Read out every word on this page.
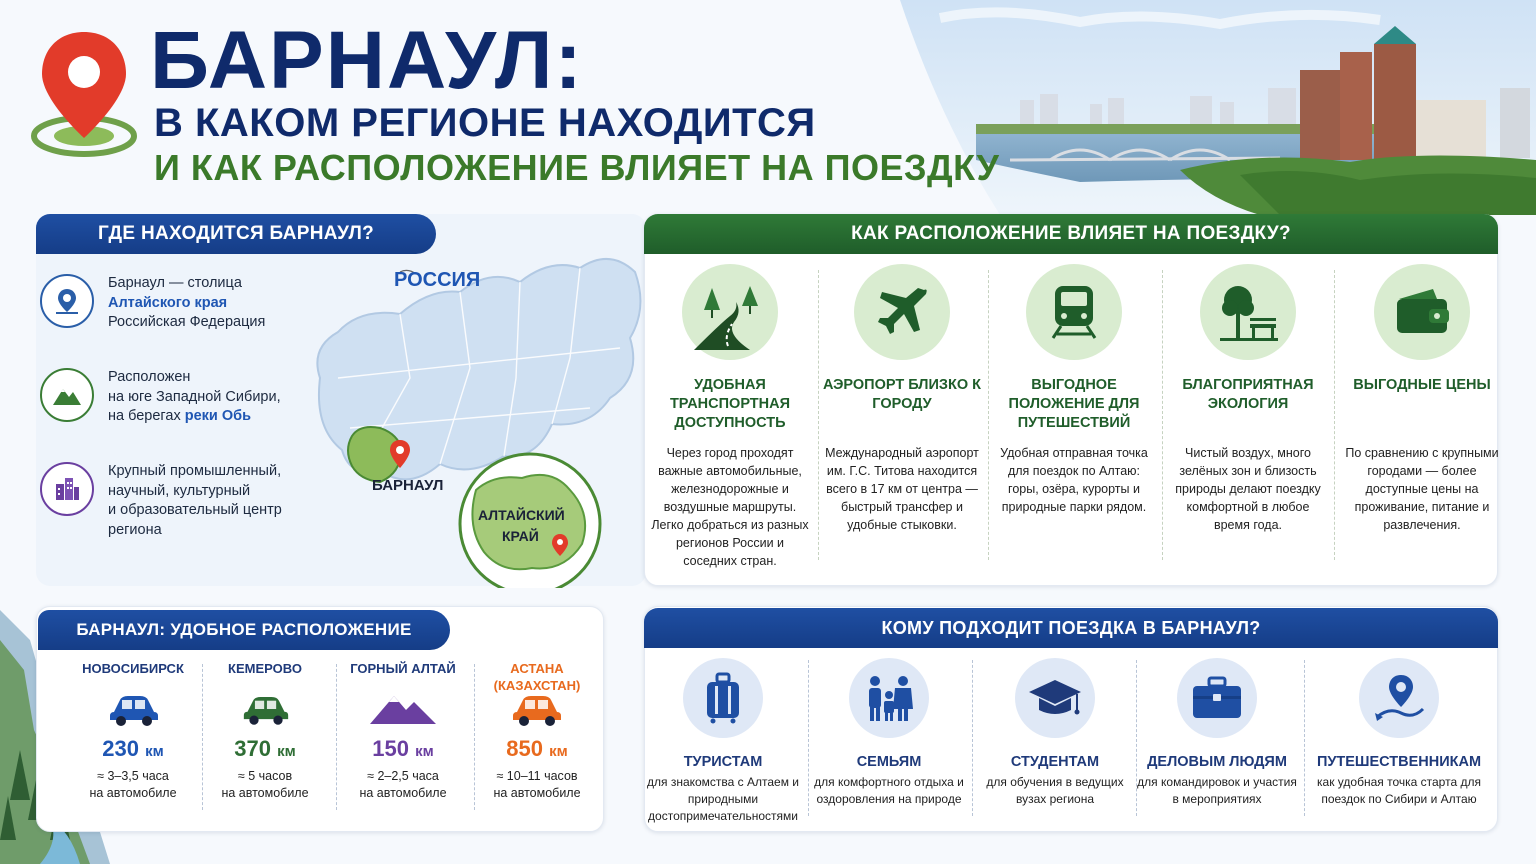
БАРНАУЛ:
В КАКОМ РЕГИОНЕ НАХОДИТСЯ
И КАК РАСПОЛОЖЕНИЕ ВЛИЯЕТ НА ПОЕЗДКУ
ГДЕ НАХОДИТСЯ БАРНАУЛ?
Барнаул — столица
Алтайского края
Российская Федерация
Расположен
на юге Западной Сибири,
на берегах реки Обь
Крупный промышленный,
научный, культурный
и образовательный центр
региона
РОССИЯ
БАРНАУЛ
АЛТАЙСКИЙ
КРАЙ
БАРНАУЛ: УДОБНОЕ РАСПОЛОЖЕНИЕ
НОВОСИБИРСК
230 км
≈ 3–3,5 часа
на автомобиле
КЕМЕРОВО
370 км
≈ 5 часов
на автомобиле
ГОРНЫЙ АЛТАЙ
150 км
≈ 2–2,5 часа
на автомобиле
АСТАНА (КАЗАХСТАН)
850 км
≈ 10–11 часов
на автомобиле
КАК РАСПОЛОЖЕНИЕ ВЛИЯЕТ НА ПОЕЗДКУ?
УДОБНАЯ ТРАНСПОРТНАЯ ДОСТУПНОСТЬ
Через город проходят важные автомобильные, железнодорожные и воздушные маршруты. Легко добраться из разных регионов России и соседних стран.
АЭРОПОРТ БЛИЗКО К ГОРОДУ
Международный аэропорт им. Г.С. Титова находится всего в 17 км от центра — быстрый трансфер и удобные стыковки.
ВЫГОДНОЕ ПОЛОЖЕНИЕ ДЛЯ ПУТЕШЕСТВИЙ
Удобная отправная точка для поездок по Алтаю: горы, озёра, курорты и природные парки рядом.
БЛАГОПРИЯТНАЯ ЭКОЛОГИЯ
Чистый воздух, много зелёных зон и близость природы делают поездку комфортной в любое время года.
ВЫГОДНЫЕ ЦЕНЫ
По сравнению с крупными городами — более доступные цены на проживание, питание и развлечения.
КОМУ ПОДХОДИТ ПОЕЗДКА В БАРНАУЛ?
ТУРИСТАМ
для знакомства с Алтаем и природными достопримечательностями
СЕМЬЯМ
для комфортного отдыха и оздоровления на природе
СТУДЕНТАМ
для обучения в ведущих вузах региона
ДЕЛОВЫМ ЛЮДЯМ
для командировок и участия в мероприятиях
ПУТЕШЕСТВЕННИКАМ
как удобная точка старта для поездок по Сибири и Алтаю
